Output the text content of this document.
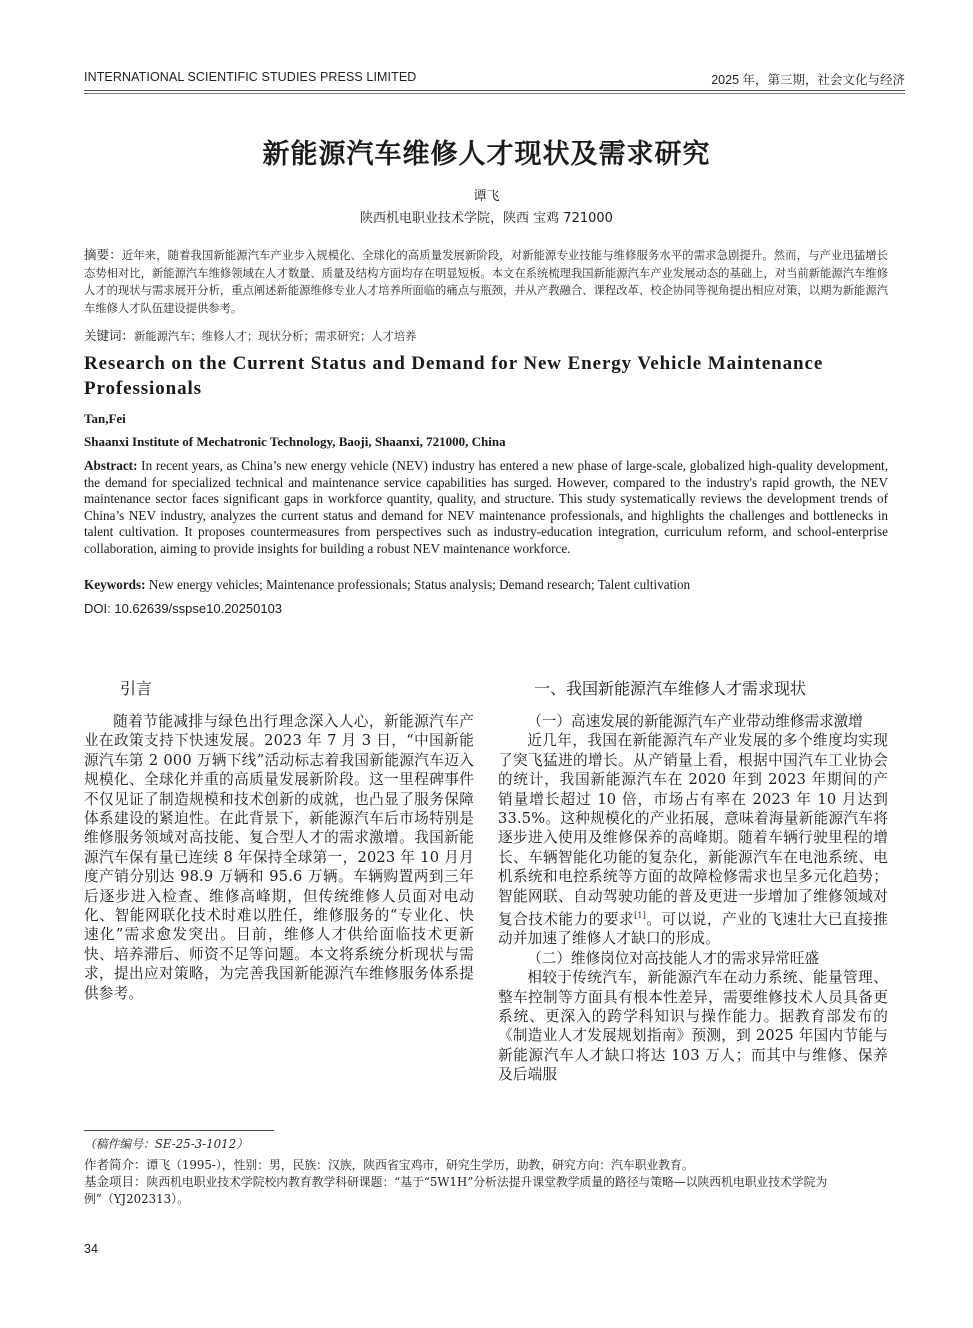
INTERNATIONAL SCIENTIFIC STUDIES PRESS LIMITED	2025 年，第三期，社会文化与经济
新能源汽车维修人才现状及需求研究
谭飞
陕西机电职业技术学院，陕西 宝鸡 721000
摘要：近年来，随着我国新能源汽车产业步入规模化、全球化的高质量发展新阶段，对新能源专业技能与维修服务水平的需求急剧提升。然而，与产业迅猛增长态势相对比，新能源汽车维修领域在人才数量、质量及结构方面均存在明显短板。本文在系统梳理我国新能源汽车产业发展动态的基础上，对当前新能源汽车维修人才的现状与需求展开分析，重点阐述新能源维修专业人才培养所面临的痛点与瓶颈，并从产教融合、课程改革、校企协同等视角提出相应对策，以期为新能源汽车维修人才队伍建设提供参考。
关键词：新能源汽车；维修人才；现状分析；需求研究；人才培养
Research on the Current Status and Demand for New Energy Vehicle Maintenance Professionals
Tan,Fei
Shaanxi Institute of Mechatronic Technology, Baoji, Shaanxi, 721000, China
Abstract: In recent years, as China’s new energy vehicle (NEV) industry has entered a new phase of large-scale, globalized high-quality development, the demand for specialized technical and maintenance service capabilities has surged. However, compared to the industry's rapid growth, the NEV maintenance sector faces significant gaps in workforce quantity, quality, and structure. This study systematically reviews the development trends of China’s NEV industry, analyzes the current status and demand for NEV maintenance professionals, and highlights the challenges and bottlenecks in talent cultivation. It proposes countermeasures from perspectives such as industry-education integration, curriculum reform, and school-enterprise collaboration, aiming to provide insights for building a robust NEV maintenance workforce.
Keywords: New energy vehicles; Maintenance professionals; Status analysis; Demand research; Talent cultivation
DOI: 10.62639/sspse10.20250103
引言

随着节能减排与绿色出行理念深入人心，新能源汽车产业在政策支持下快速发展。2023 年 7 月 3 日，“中国新能源汽车第 2 000 万辆下线”活动标志着我国新能源汽车迈入规模化、全球化并重的高质量发展新阶段。这一里程碑事件不仅见证了制造规模和技术创新的成就，也凸显了服务保障体系建设的紧迫性。在此背景下，新能源汽车后市场特别是维修服务领域对高技能、复合型人才的需求激增。我国新能源汽车保有量已连续 8 年保持全球第一，2023 年 10 月月度产销分别达 98.9 万辆和 95.6 万辆。车辆购置两到三年后逐步进入检查、维修高峰期，但传统维修人员面对电动化、智能网联化技术时难以胜任，维修服务的“专业化、快速化”需求愈发突出。目前，维修人才供给面临技术更新快、培养滞后、师资不足等问题。本文将系统分析现状与需求，提出应对策略，为完善我国新能源汽车维修服务体系提供参考。

一、我国新能源汽车维修人才需求现状

（一）高速发展的新能源汽车产业带动维修需求激增

近几年，我国在新能源汽车产业发展的多个维度均实现了突飞猛进的增长。从产销量上看，根据中国汽车工业协会的统计，我国新能源汽车在 2020 年到 2023 年期间的产销量增长超过 10 倍，市场占有率在 2023 年 10 月达到 33.5%。这种规模化的产业拓展，意味着海量新能源汽车将逐步进入使用及维修保养的高峰期。随着车辆行驶里程的增长、车辆智能化功能的复杂化，新能源汽车在电池系统、电机系统和电控系统等方面的故障检修需求也呈多元化趋势；智能网联、自动驾驶功能的普及更进一步增加了维修领域对复合技术能力的要求[1]。可以说，产业的飞速壮大已直接推动并加速了维修人才缺口的形成。

（二）维修岗位对高技能人才的需求异常旺盛

相较于传统汽车，新能源汽车在动力系统、能量管理、整车控制等方面具有根本性差异，需要维修技术人员具备更系统、更深入的跨学科知识与操作能力。据教育部发布的《制造业人才发展规划指南》预测，到 2025 年国内节能与新能源汽车人才缺口将达 103 万人；而其中与维修、保养及后端服

（稿件编号：SE-25-3-1012）
作者简介：谭飞（1995-），性别：男，民族：汉族，陕西省宝鸡市，研究生学历，助教，研究方向：汽车职业教育。
基金项目：陕西机电职业技术学院校内教育教学科研课题：“基于“5W1H”分析法提升课堂教学质量的路径与策略—以陕西机电职业技术学院为例”（YJ202313）。
34
